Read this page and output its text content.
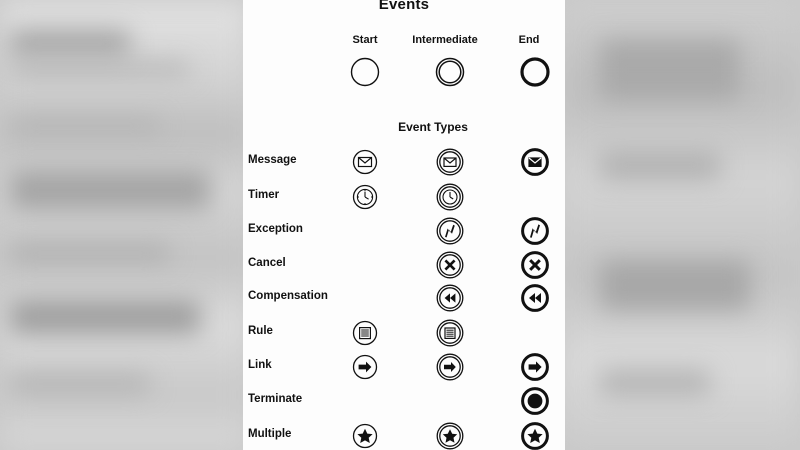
Events
Start	Intermediate	End
Event Types
Message
Timer
Exception
Cancel
Compensation
Rule
Link
Terminate
Multiple
